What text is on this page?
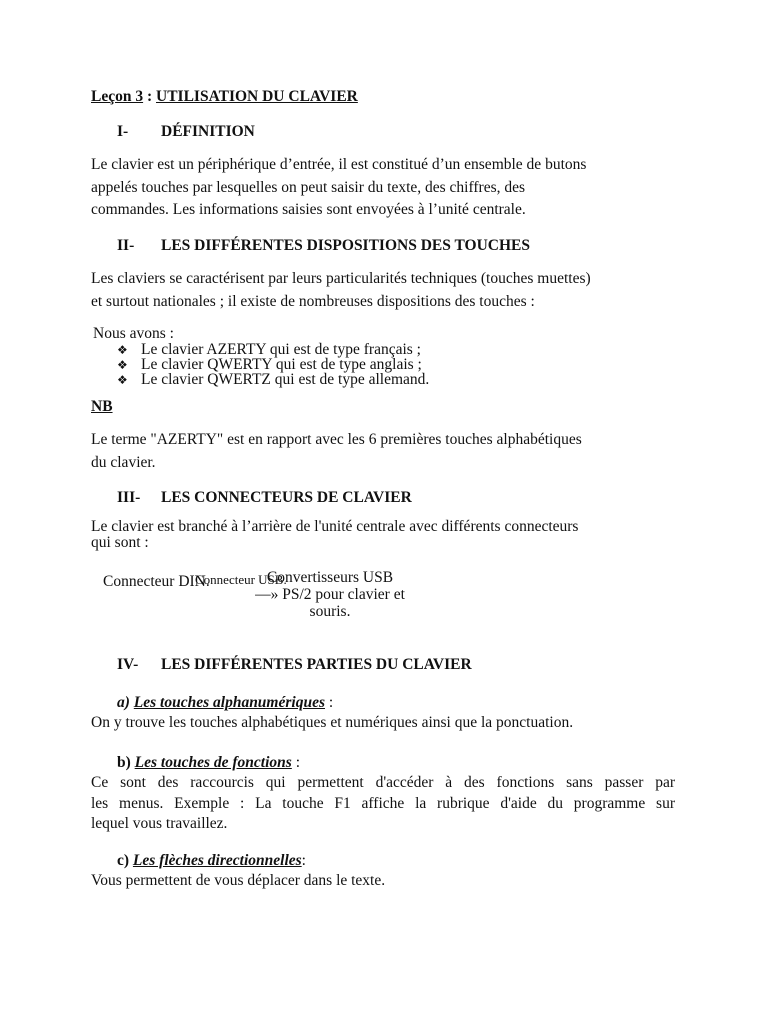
Leçon 3 : UTILISATION DU CLAVIER
I- DÉFINITION
Le clavier est un périphérique d’entrée, il est constitué d’un ensemble de butons
appelés touches par lesquelles on peut saisir du texte, des chiffres, des
commandes. Les informations saisies sont envoyées à l’unité centrale.
II- LES DIFFÉRENTES DISPOSITIONS DES TOUCHES
Les claviers se caractérisent par leurs particularités techniques (touches muettes)
et surtout nationales ; il existe de nombreuses dispositions des touches :
Nous avons :
❖ Le clavier AZERTY qui est de type français ;
❖ Le clavier QWERTY qui est de type anglais ;
❖ Le clavier QWERTZ qui est de type allemand.
NB
Le terme "AZERTY" est en rapport avec les 6 premières touches alphabétiques
du clavier.
III- LES CONNECTEURS DE CLAVIER
Le clavier est branché à l’arrière de l'unité centrale avec différents connecteurs
qui sont :
Connecteur DIN.
Connecteur USB.
Convertisseurs USB
—» PS/2 pour clavier et
souris.
IV- LES DIFFÉRENTES PARTIES DU CLAVIER
a) Les touches alphanumériques :
On y trouve les touches alphabétiques et numériques ainsi que la ponctuation.
b) Les touches de fonctions :
Ce sont des raccourcis qui permettent d'accéder à des fonctions sans passer par
les menus. Exemple : La touche F1 affiche la rubrique d'aide du programme sur
lequel vous travaillez.
c) Les flèches directionnelles:
Vous permettent de vous déplacer dans le texte.
